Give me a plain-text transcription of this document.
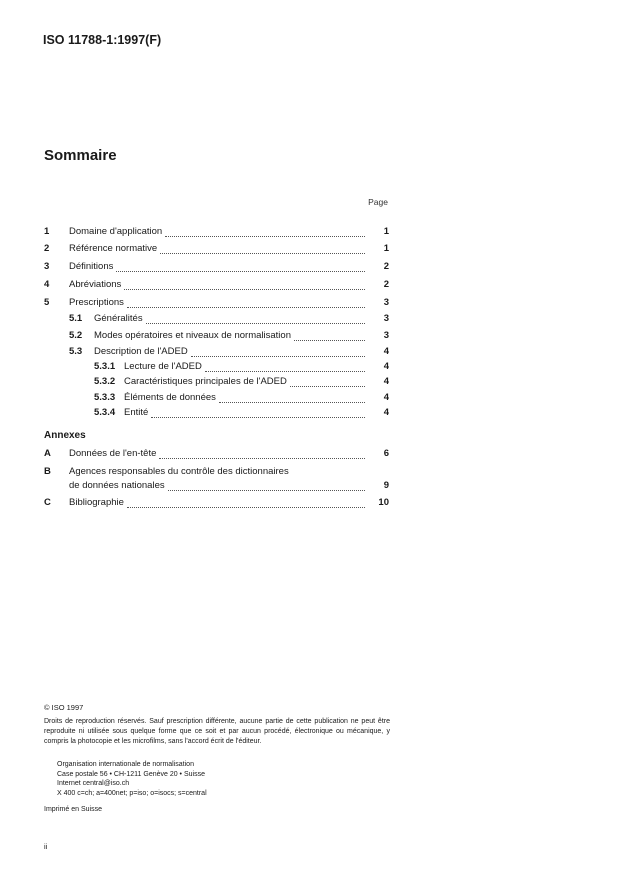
ISO 11788-1:1997(F)
Sommaire
Page
1	Domaine d'application	1
2	Référence normative	1
3	Définitions	2
4	Abréviations	2
5	Prescriptions	3
5.1	Généralités	3
5.2	Modes opératoires et niveaux de normalisation	3
5.3	Description de l'ADED	4
5.3.1 Lecture de l'ADED	4
5.3.2 Caractéristiques principales de l'ADED	4
5.3.3 Éléments de données	4
5.3.4 Entité	4
Annexes
A	Données de l'en-tête	6
B	Agences responsables du contrôle des dictionnaires
de données nationales	9
C	Bibliographie	10
© ISO 1997
Droits de reproduction réservés. Sauf prescription différente, aucune partie de cette publication ne peut être reproduite ni utilisée sous quelque forme que ce soit et par aucun procédé, électronique ou mécanique, y compris la photocopie et les microfilms, sans l'accord écrit de l'éditeur.
Organisation internationale de normalisation
Case postale 56 • CH-1211 Genève 20 • Suisse
Internet central@iso.ch
X 400 c=ch; a=400net; p=iso; o=isocs; s=central
Imprimé en Suisse
ii
